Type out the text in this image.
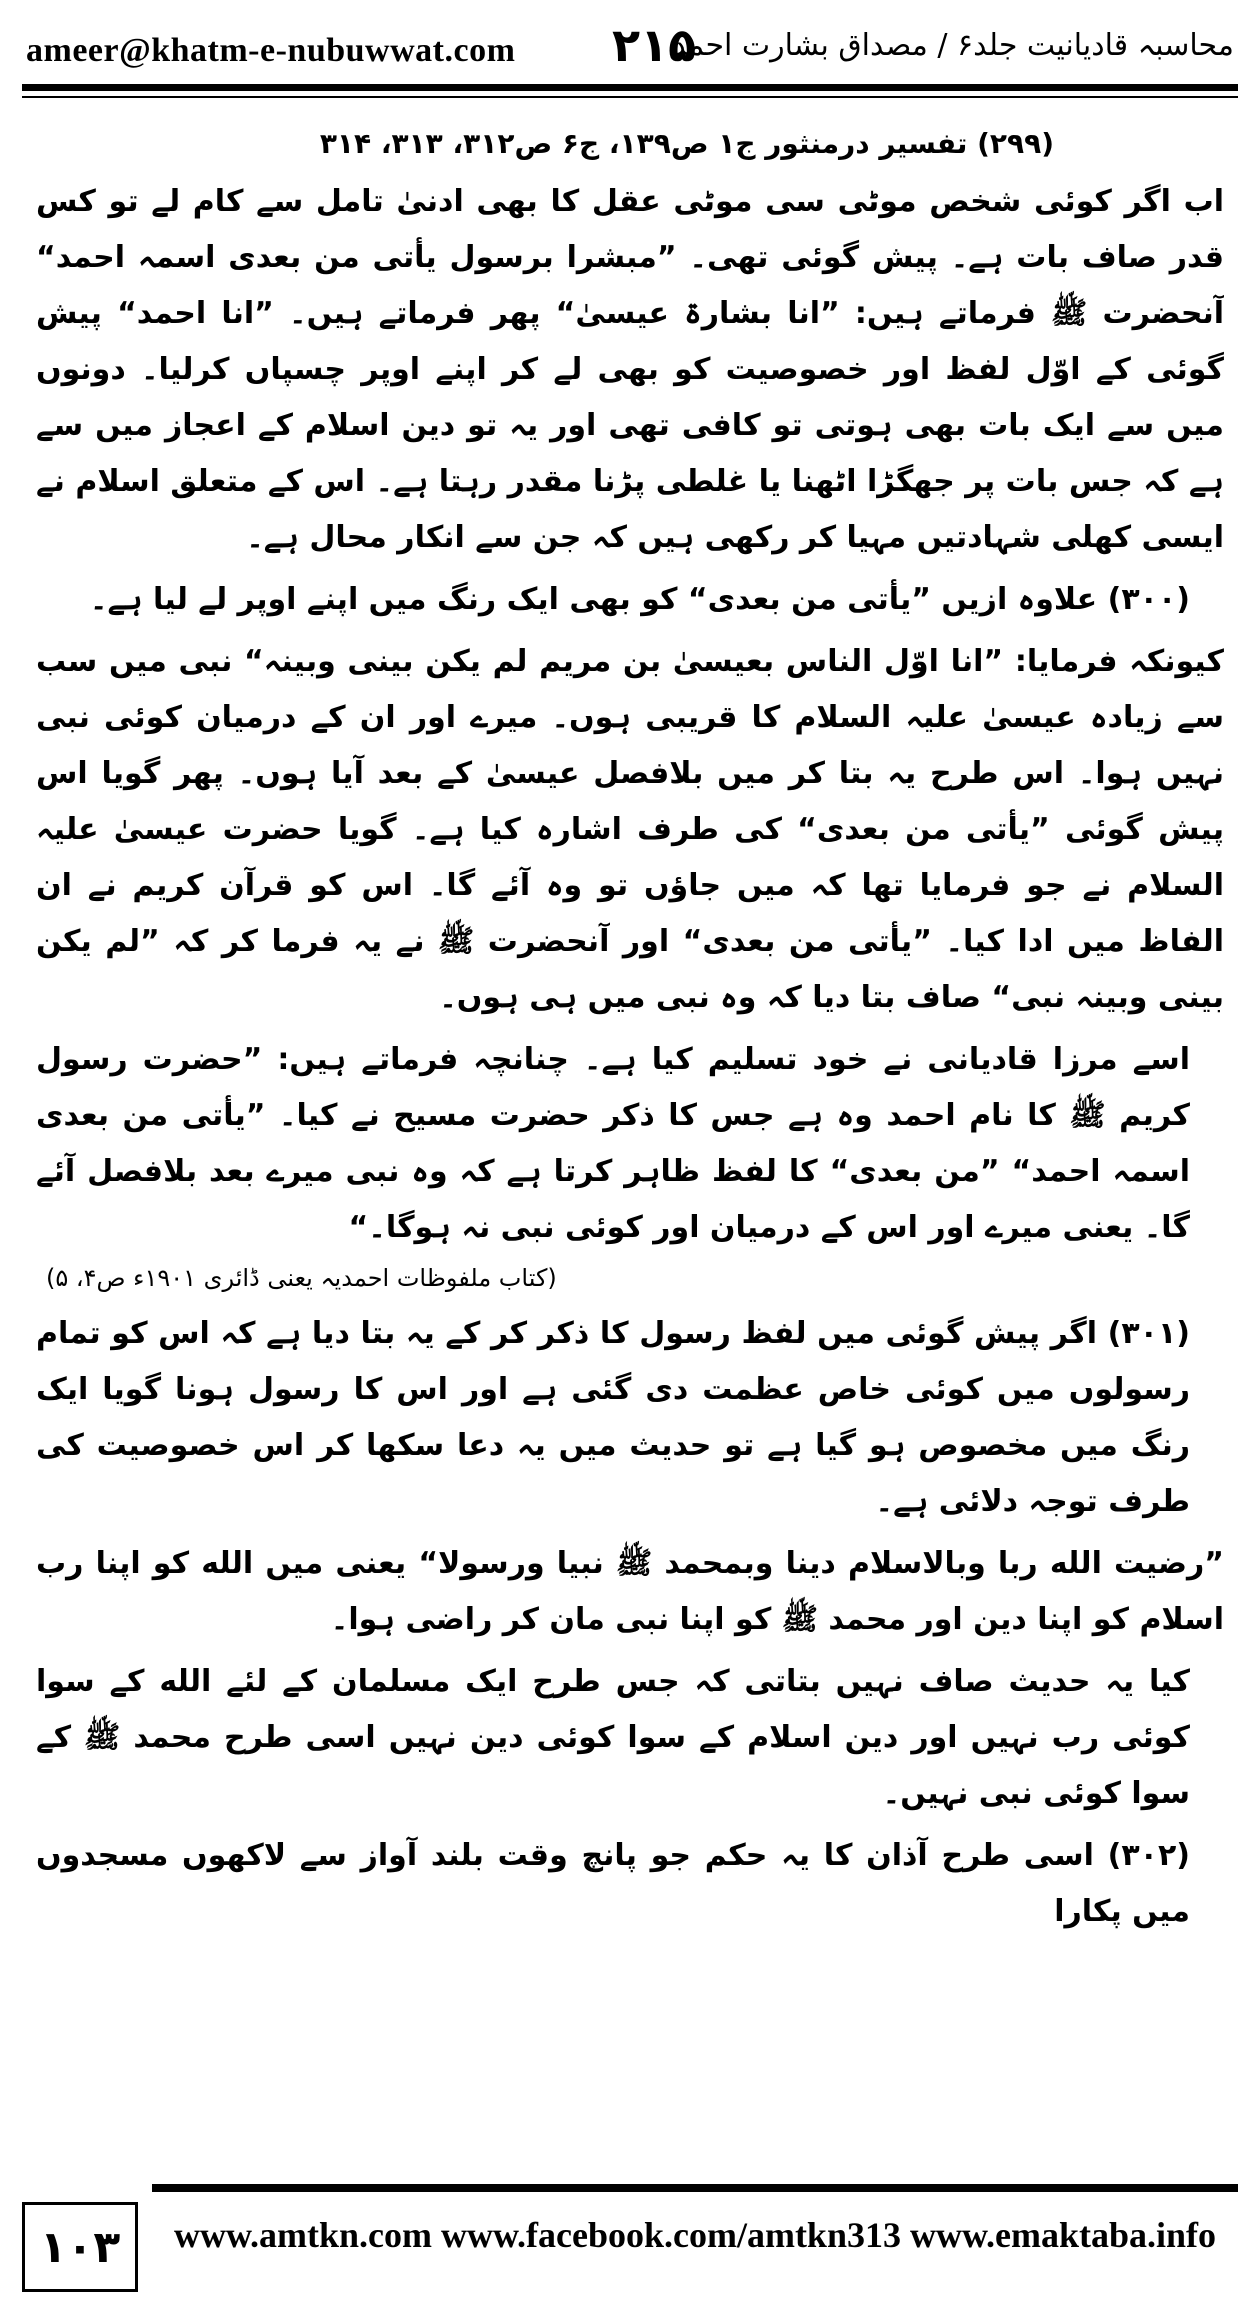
ameer@khatm-e-nubuwwat.com ۲۱۵
محاسبہ قادیانیت جلد۶ / مصداق بشارت احمد
(۲۹۹) تفسیر درمنثور ج۱ ص۱۳۹، ج۶ ص۳۱۲، ۳۱۳، ۳۱۴

اب اگر کوئی شخص موٹی سی موٹی عقل کا بھی ادنیٰ تامل سے کام لے تو کس قدر صاف بات ہے۔ پیش گوئی تھی۔ ”مبشرا برسول یأتی من بعدی اسمہ احمد“ آنحضرت ﷺ فرماتے ہیں: ”انا بشارۃ عیسیٰ“ پھر فرماتے ہیں۔ ”انا احمد“ پیش گوئی کے اوّل لفظ اور خصوصیت کو بھی لے کر اپنے اوپر چسپاں کرلیا۔ دونوں میں سے ایک بات بھی ہوتی تو کافی تھی اور یہ تو دین اسلام کے اعجاز میں سے ہے کہ جس بات پر جھگڑا اٹھنا یا غلطی پڑنا مقدر رہتا ہے۔ اس کے متعلق اسلام نے ایسی کھلی شہادتیں مہیا کر رکھی ہیں کہ جن سے انکار محال ہے۔

(۳۰۰) علاوہ ازیں ”یأتی من بعدی“ کو بھی ایک رنگ میں اپنے اوپر لے لیا ہے۔

کیونکہ فرمایا: ”انا اوّل الناس بعیسیٰ بن مریم لم یکن بینی وبینہ“ نبی میں سب سے زیادہ عیسیٰ علیہ السلام کا قریبی ہوں۔ میرے اور ان کے درمیان کوئی نبی نہیں ہوا۔ اس طرح یہ بتا کر میں بلافصل عیسیٰ کے بعد آیا ہوں۔ پھر گویا اس پیش گوئی ”یأتی من بعدی“ کی طرف اشارہ کیا ہے۔ گویا حضرت عیسیٰ علیہ السلام نے جو فرمایا تھا کہ میں جاؤں تو وہ آئے گا۔ اس کو قرآن کریم نے ان الفاظ میں ادا کیا۔ ”یأتی من بعدی“ اور آنحضرت ﷺ نے یہ فرما کر کہ ”لم یکن بینی وبینہ نبی“ صاف بتا دیا کہ وہ نبی میں ہی ہوں۔

اسے مرزا قادیانی نے خود تسلیم کیا ہے۔ چنانچہ فرماتے ہیں: ”حضرت رسول کریم ﷺ کا نام احمد وہ ہے جس کا ذکر حضرت مسیح نے کیا۔ ”یأتی من بعدی اسمہ احمد“ ”من بعدی“ کا لفظ ظاہر کرتا ہے کہ وہ نبی میرے بعد بلافصل آئے گا۔ یعنی میرے اور اس کے درمیان اور کوئی نبی نہ ہوگا۔“

(کتاب ملفوظات احمدیہ یعنی ڈائری ۱۹۰۱ء ص۴، ۵)

(۳۰۱) اگر پیش گوئی میں لفظ رسول کا ذکر کر کے یہ بتا دیا ہے کہ اس کو تمام رسولوں میں کوئی خاص عظمت دی گئی ہے اور اس کا رسول ہونا گویا ایک رنگ میں مخصوص ہو گیا ہے تو حدیث میں یہ دعا سکھا کر اس خصوصیت کی طرف توجہ دلائی ہے۔

”رضیت الله ربا وبالاسلام دینا وبمحمد ﷺ نبیا ورسولا“ یعنی میں الله کو اپنا رب اسلام کو اپنا دین اور محمد ﷺ کو اپنا نبی مان کر راضی ہوا۔

کیا یہ حدیث صاف نہیں بتاتی کہ جس طرح ایک مسلمان کے لئے الله کے سوا کوئی رب نہیں اور دین اسلام کے سوا کوئی دین نہیں اسی طرح محمد ﷺ کے سوا کوئی نبی نہیں۔

(۳۰۲) اسی طرح آذان کا یہ حکم جو پانچ وقت بلند آواز سے لاکھوں مسجدوں میں پکارا

۱۰۳	www.amtkn.com www.facebook.com/amtkn313 www.emaktaba.info
